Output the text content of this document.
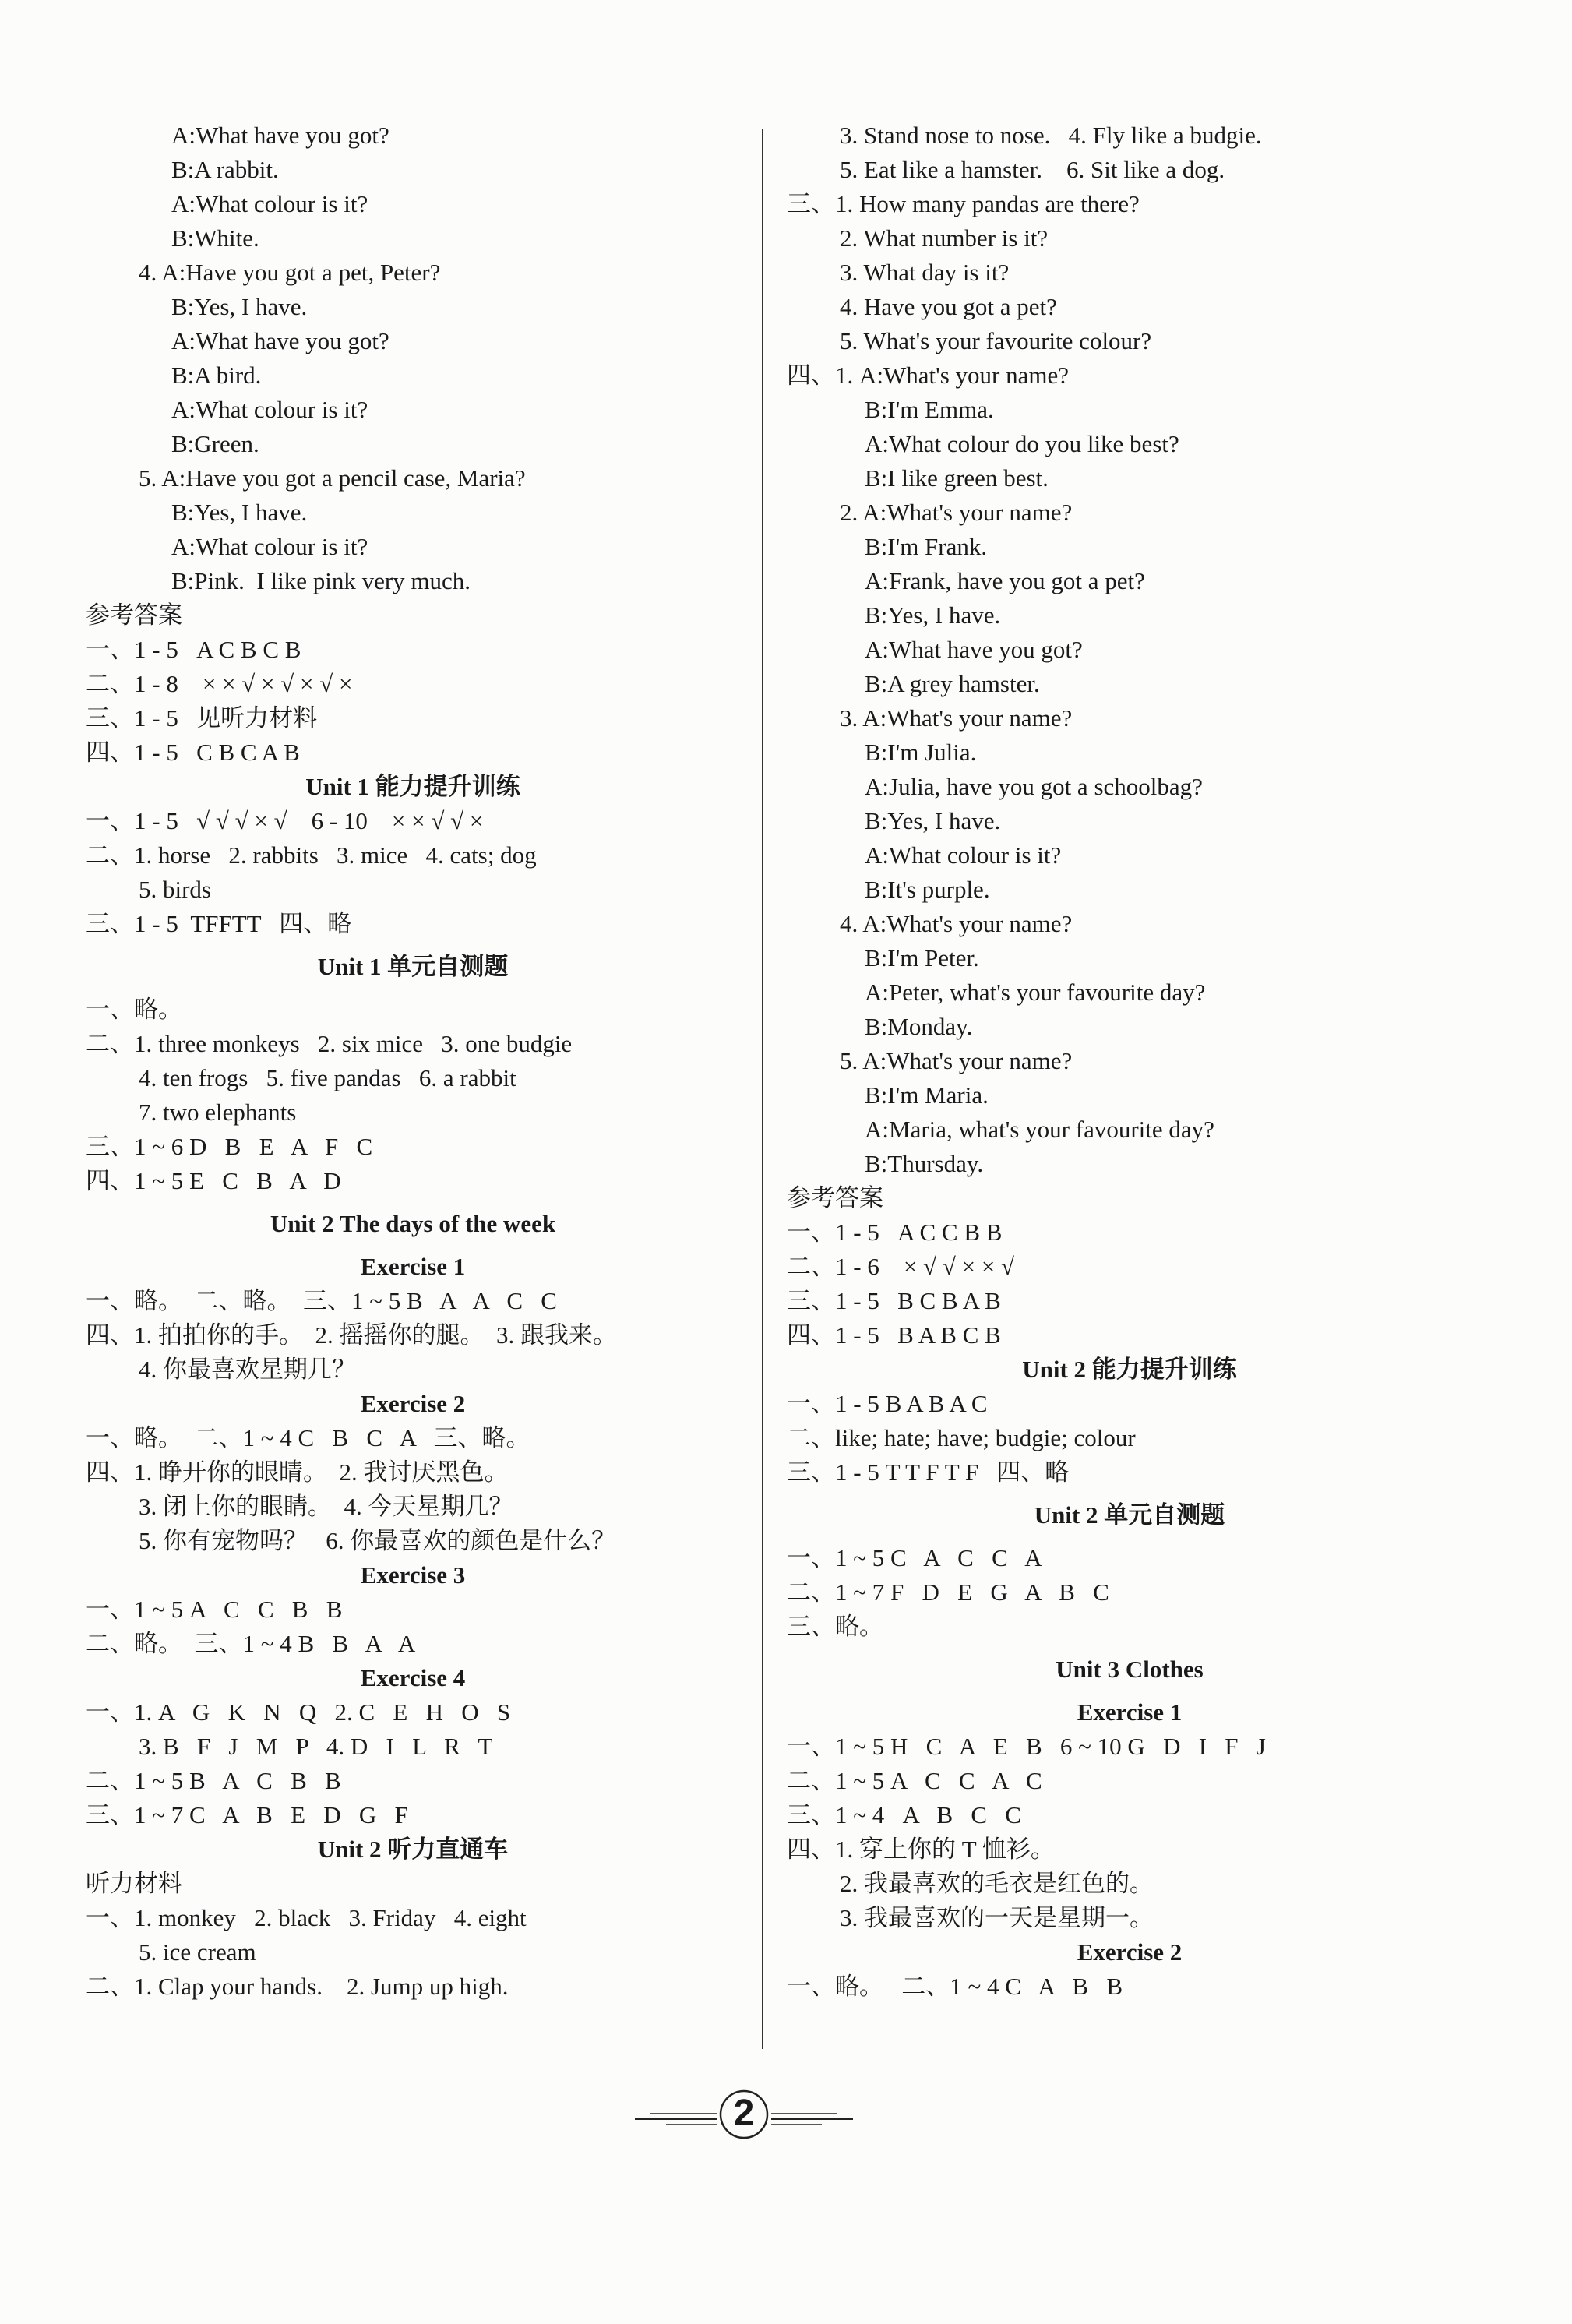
A:What have you got?
B:A rabbit.
A:What colour is it?
B:White.
4. A:Have you got a pet, Peter?
B:Yes, I have.
A:What have you got?
B:A bird.
A:What colour is it?
B:Green.
5. A:Have you got a pencil case, Maria?
B:Yes, I have.
A:What colour is it?
B:Pink.  I like pink very much.
参考答案
一、1 - 5   A C B C B
二、1 - 8    × × √ × √ × √ ×
三、1 - 5   见听力材料
四、1 - 5   C B C A B
Unit 1 能力提升训练
一、1 - 5   √ √ √ × √    6 - 10    × × √ √ ×
二、1. horse   2. rabbits   3. mice   4. cats; dog
5. birds
三、1 - 5  TFFTT   四、略
Unit 1 单元自测题
一、略。
二、1. three monkeys   2. six mice   3. one budgie
4. ten frogs   5. five pandas   6. a rabbit
7. two elephants
三、1 ~ 6 D   B   E   A   F   C
四、1 ~ 5 E   C   B   A   D
Unit 2 The days of the week
Exercise 1
一、略。  二、略。  三、1 ~ 5 B   A   A   C   C
四、1. 拍拍你的手。  2. 摇摇你的腿。  3. 跟我来。
4. 你最喜欢星期几？
Exercise 2
一、略。  二、1 ~ 4 C   B   C   A   三、略。
四、1. 睁开你的眼睛。  2. 我讨厌黑色。
3. 闭上你的眼睛。  4. 今天星期几？
5. 你有宠物吗？   6. 你最喜欢的颜色是什么？
Exercise 3
一、1 ~ 5 A   C   C   B   B
二、略。  三、1 ~ 4 B   B   A   A
Exercise 4
一、1. A   G   K   N   Q   2. C   E   H   O   S
3. B   F   J   M   P   4. D   I   L   R   T
二、1 ~ 5 B   A   C   B   B
三、1 ~ 7 C   A   B   E   D   G   F
Unit 2 听力直通车
听力材料
一、1. monkey   2. black   3. Friday   4. eight
5. ice cream
二、1. Clap your hands.    2. Jump up high.
3. Stand nose to nose.   4. Fly like a budgie.
5. Eat like a hamster.    6. Sit like a dog.
三、1. How many pandas are there?
2. What number is it?
3. What day is it?
4. Have you got a pet?
5. What's your favourite colour?
四、1. A:What's your name?
B:I'm Emma.
A:What colour do you like best?
B:I like green best.
2. A:What's your name?
B:I'm Frank.
A:Frank, have you got a pet?
B:Yes, I have.
A:What have you got?
B:A grey hamster.
3. A:What's your name?
B:I'm Julia.
A:Julia, have you got a schoolbag?
B:Yes, I have.
A:What colour is it?
B:It's purple.
4. A:What's your name?
B:I'm Peter.
A:Peter, what's your favourite day?
B:Monday.
5. A:What's your name?
B:I'm Maria.
A:Maria, what's your favourite day?
B:Thursday.
参考答案
一、1 - 5   A C C B B
二、1 - 6    × √ √ × × √
三、1 - 5   B C B A B
四、1 - 5   B A B C B
Unit 2 能力提升训练
一、1 - 5 B A B A C
二、like; hate; have; budgie; colour
三、1 - 5 T T F T F   四、略
Unit 2 单元自测题
一、1 ~ 5 C   A   C   C   A
二、1 ~ 7 F   D   E   G   A   B   C
三、略。
Unit 3 Clothes
Exercise 1
一、1 ~ 5 H   C   A   E   B   6 ~ 10 G   D   I   F   J
二、1 ~ 5 A   C   C   A   C
三、1 ~ 4   A   B   C   C
四、1. 穿上你的 T 恤衫。
2. 我最喜欢的毛衣是红色的。
3. 我最喜欢的一天是星期一。
Exercise 2
一、略。   二、1 ~ 4 C   A   B   B
2
